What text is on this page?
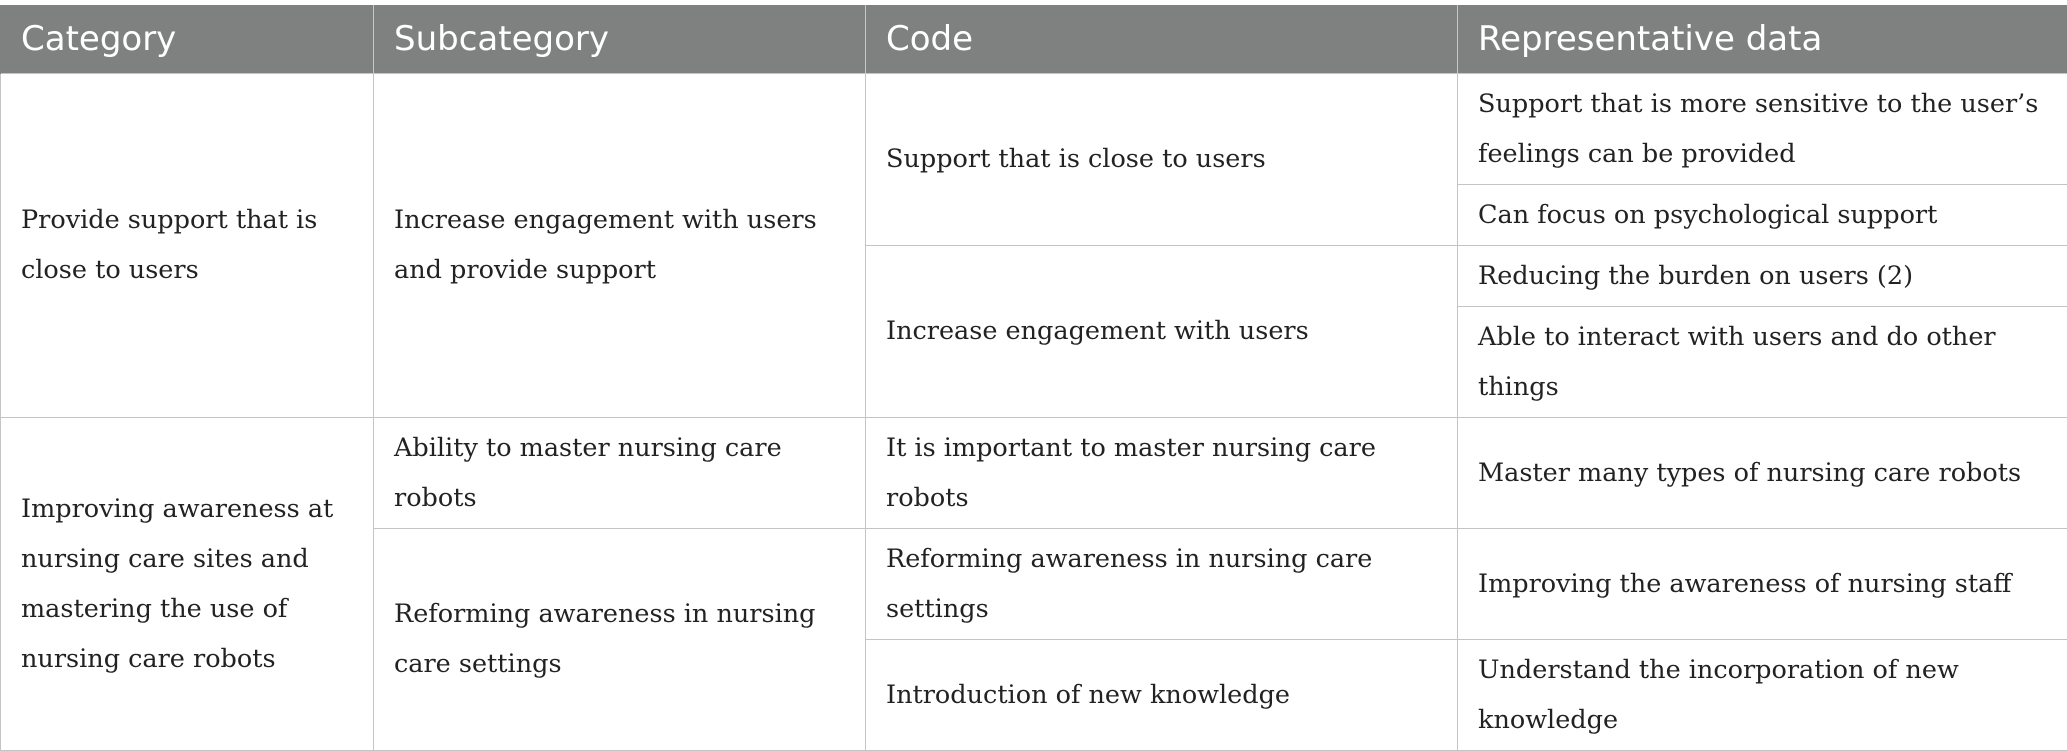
Category	Subcategory	Code	Representative data
Provide support that is close to users	Increase engagement with users and provide support	Support that is close to users	Support that is more sensitive to the user’s feelings can be provided
			Can focus on psychological support
		Increase engagement with users	Reducing the burden on users (2)
			Able to interact with users and do other things
Improving awareness at nursing care sites and mastering the use of nursing care robots	Ability to master nursing care robots	It is important to master nursing care robots	Master many types of nursing care robots
	Reforming awareness in nursing care settings	Reforming awareness in nursing care settings	Improving the awareness of nursing staff
		Introduction of new knowledge	Understand the incorporation of new knowledge
